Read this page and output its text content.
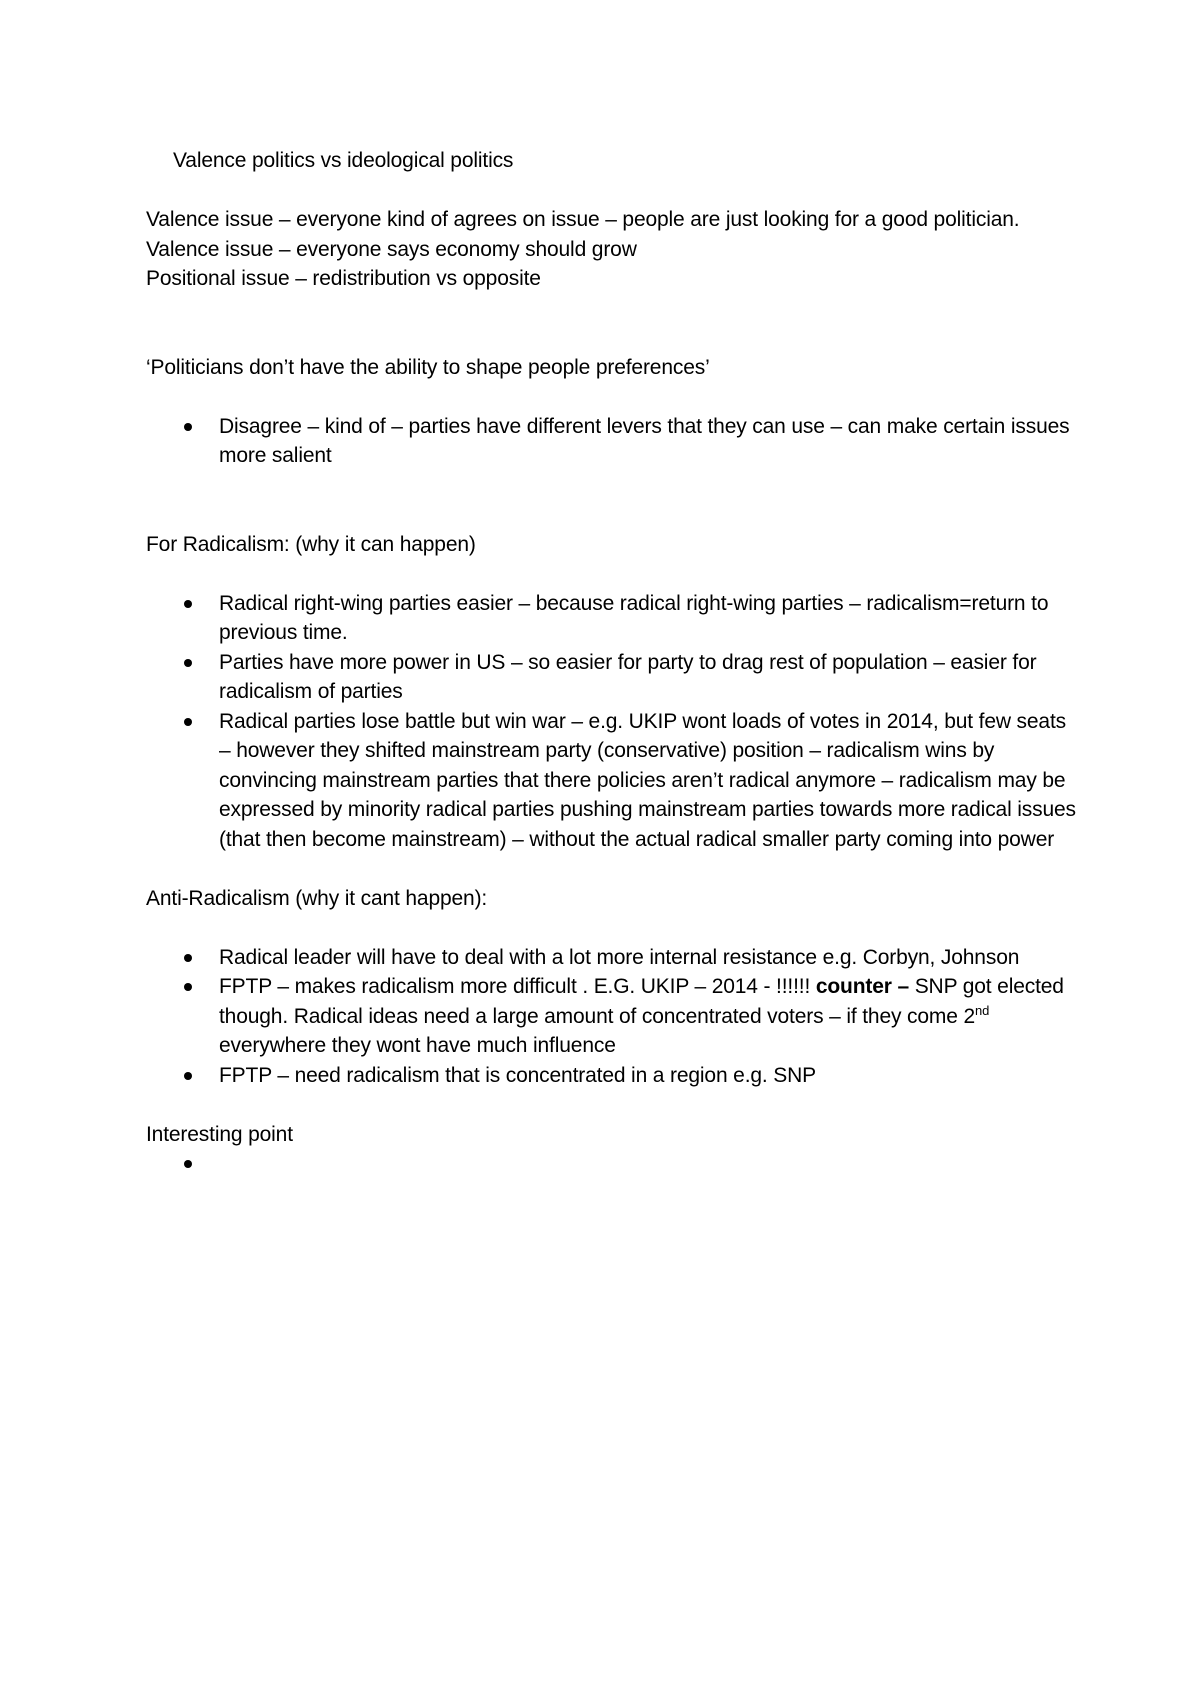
Valence politics vs ideological politics

Valence issue – everyone kind of agrees on issue – people are just looking for a good politician.

Valence issue – everyone says economy should grow

Positional issue – redistribution vs opposite

‘Politicians don’t have the ability to shape people preferences’

Disagree – kind of – parties have different levers that they can use – can make certain issues more salient

For Radicalism: (why it can happen)

Radical right-wing parties easier – because radical right-wing parties – radicalism=return to previous time.
Parties have more power in US – so easier for party to drag rest of population – easier for radicalism of parties
Radical parties lose battle but win war – e.g. UKIP wont loads of votes in 2014, but few seats – however they shifted mainstream party (conservative) position – radicalism wins by convincing mainstream parties that there policies aren’t radical anymore – radicalism may be expressed by minority radical parties pushing mainstream parties towards more radical issues (that then become mainstream) – without the actual radical smaller party coming into power

Anti-Radicalism (why it cant happen):

Radical leader will have to deal with a lot more internal resistance e.g. Corbyn, Johnson
FPTP – makes radicalism more difficult . E.G. UKIP – 2014 - !!!!!! counter – SNP got elected though. Radical ideas need a large amount of concentrated voters – if they come 2nd everywhere they wont have much influence
FPTP – need radicalism that is concentrated in a region e.g. SNP

Interesting point
